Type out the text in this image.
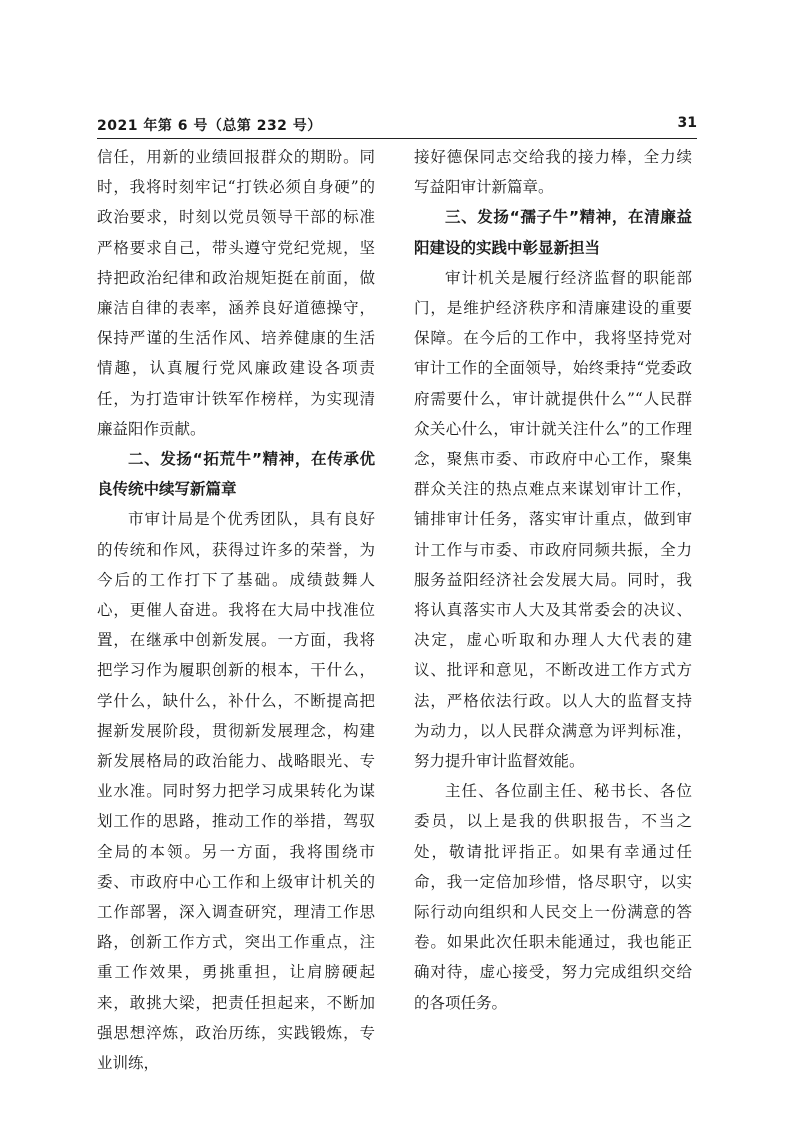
2021 年第 6 号（总第 232 号）	31

信任，用新的业绩回报群众的期盼。同时，我将时刻牢记“打铁必须自身硬”的政治要求，时刻以党员领导干部的标准严格要求自己，带头遵守党纪党规，坚持把政治纪律和政治规矩挺在前面，做廉洁自律的表率，涵养良好道德操守，保持严谨的生活作风、培养健康的生活情趣，认真履行党风廉政建设各项责任，为打造审计铁军作榜样，为实现清廉益阳作贡献。

二、发扬“拓荒牛”精神，在传承优良传统中续写新篇章

市审计局是个优秀团队，具有良好的传统和作风，获得过许多的荣誉，为今后的工作打下了基础。成绩鼓舞人心，更催人奋进。我将在大局中找准位置，在继承中创新发展。一方面，我将把学习作为履职创新的根本，干什么，学什么，缺什么，补什么，不断提高把握新发展阶段，贯彻新发展理念，构建新发展格局的政治能力、战略眼光、专业水准。同时努力把学习成果转化为谋划工作的思路，推动工作的举措，驾驭全局的本领。另一方面，我将围绕市委、市政府中心工作和上级审计机关的工作部署，深入调查研究，理清工作思路，创新工作方式，突出工作重点，注重工作效果，勇挑重担，让肩膀硬起来，敢挑大梁，把责任担起来，不断加强思想淬炼，政治历练，实践锻炼，专业训练，

接好德保同志交给我的接力棒，全力续写益阳审计新篇章。

三、发扬“孺子牛”精神，在清廉益阳建设的实践中彰显新担当

审计机关是履行经济监督的职能部门，是维护经济秩序和清廉建设的重要保障。在今后的工作中，我将坚持党对审计工作的全面领导，始终秉持“党委政府需要什么，审计就提供什么”“人民群众关心什么，审计就关注什么”的工作理念，聚焦市委、市政府中心工作，聚集群众关注的热点难点来谋划审计工作，铺排审计任务，落实审计重点，做到审计工作与市委、市政府同频共振，全力服务益阳经济社会发展大局。同时，我将认真落实市人大及其常委会的决议、决定，虚心听取和办理人大代表的建议、批评和意见，不断改进工作方式方法，严格依法行政。以人大的监督支持为动力，以人民群众满意为评判标准，努力提升审计监督效能。

主任、各位副主任、秘书长、各位委员，以上是我的供职报告，不当之处，敬请批评指正。如果有幸通过任命，我一定倍加珍惜，恪尽职守，以实际行动向组织和人民交上一份满意的答卷。如果此次任职未能通过，我也能正确对待，虚心接受，努力完成组织交给的各项任务。
